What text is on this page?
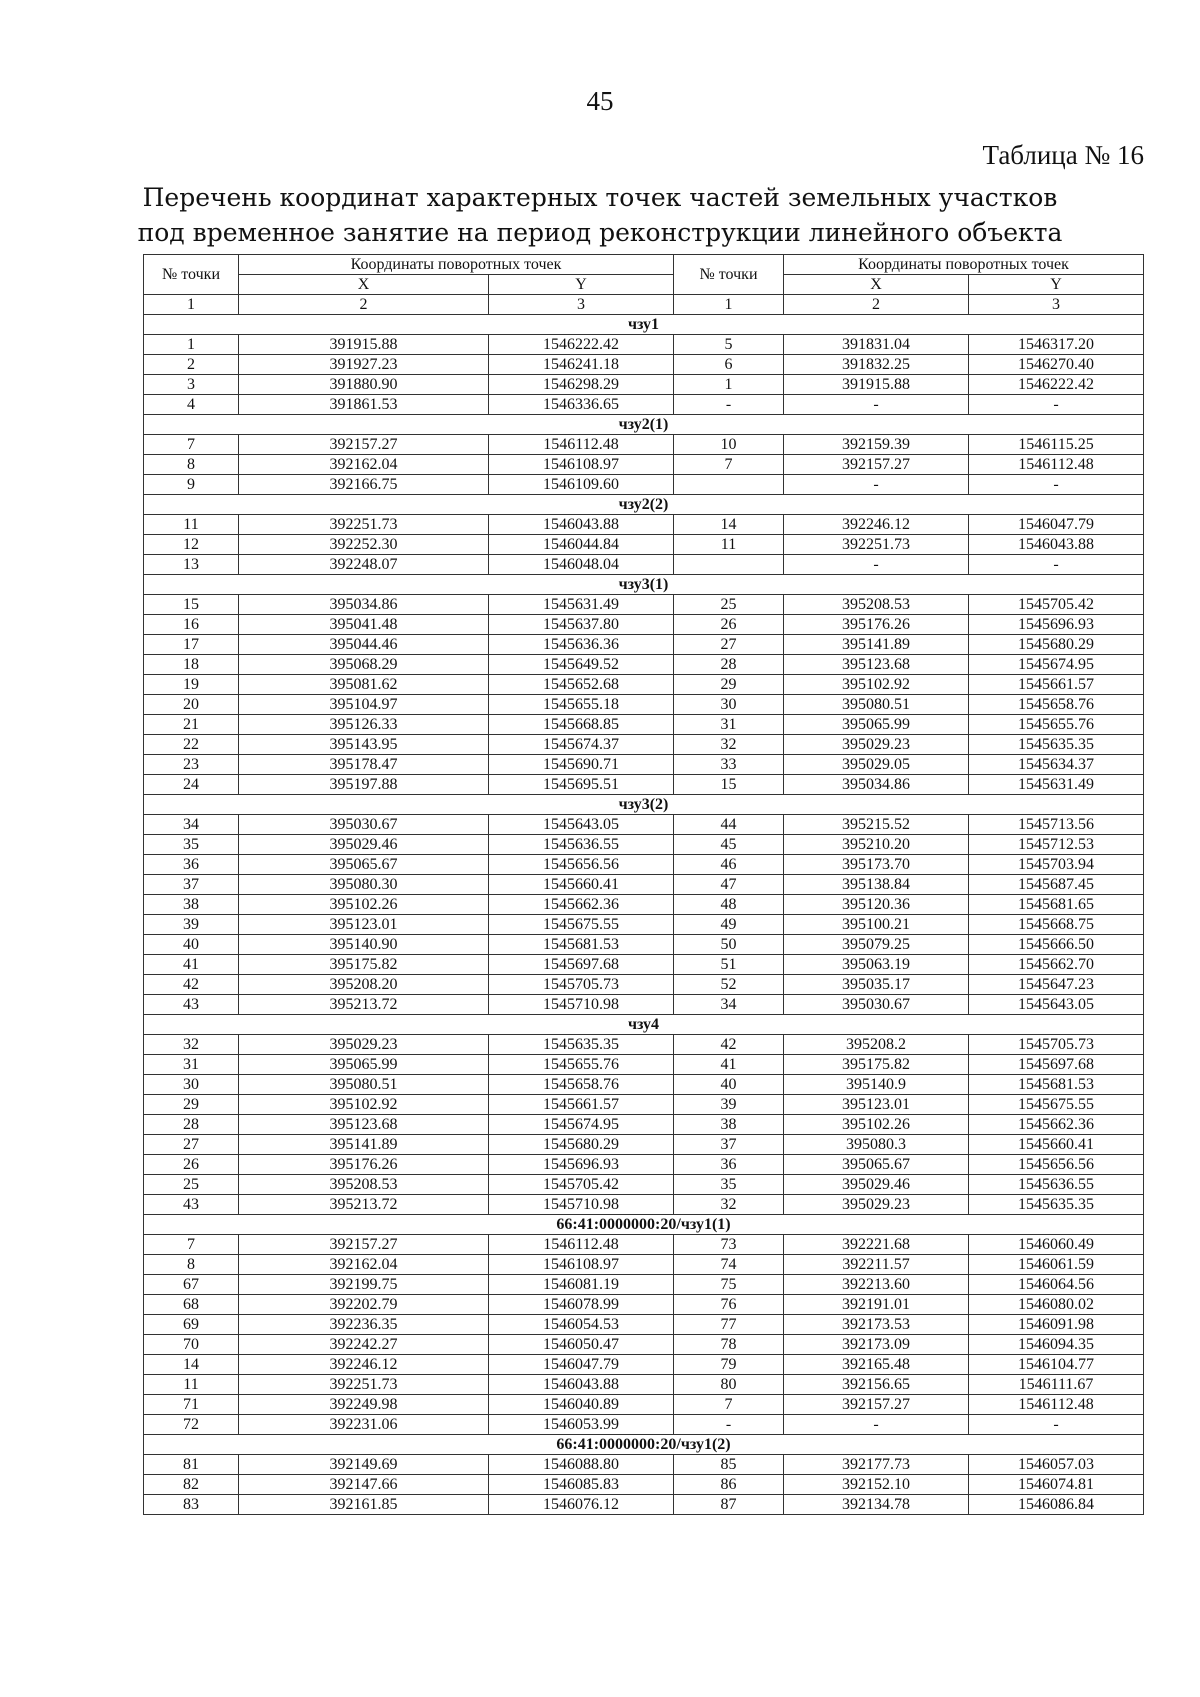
45
Таблица № 16
Перечень координат характерных точек частей земельных участков
под временное занятие на период реконструкции линейного объекта
№ точки	Координаты поворотных точек		№ точки	Координаты поворотных точек	
	X	Y		X	Y
1	2	3	1	2	3
чзу1					
1	391915.88	1546222.42	5	391831.04	1546317.20
2	391927.23	1546241.18	6	391832.25	1546270.40
3	391880.90	1546298.29	1	391915.88	1546222.42
4	391861.53	1546336.65	-	-	-
чзу2(1)					
7	392157.27	1546112.48	10	392159.39	1546115.25
8	392162.04	1546108.97	7	392157.27	1546112.48
9	392166.75	1546109.60		-	-
чзу2(2)					
11	392251.73	1546043.88	14	392246.12	1546047.79
12	392252.30	1546044.84	11	392251.73	1546043.88
13	392248.07	1546048.04		-	-
чзу3(1)					
15	395034.86	1545631.49	25	395208.53	1545705.42
16	395041.48	1545637.80	26	395176.26	1545696.93
17	395044.46	1545636.36	27	395141.89	1545680.29
18	395068.29	1545649.52	28	395123.68	1545674.95
19	395081.62	1545652.68	29	395102.92	1545661.57
20	395104.97	1545655.18	30	395080.51	1545658.76
21	395126.33	1545668.85	31	395065.99	1545655.76
22	395143.95	1545674.37	32	395029.23	1545635.35
23	395178.47	1545690.71	33	395029.05	1545634.37
24	395197.88	1545695.51	15	395034.86	1545631.49
чзу3(2)					
34	395030.67	1545643.05	44	395215.52	1545713.56
35	395029.46	1545636.55	45	395210.20	1545712.53
36	395065.67	1545656.56	46	395173.70	1545703.94
37	395080.30	1545660.41	47	395138.84	1545687.45
38	395102.26	1545662.36	48	395120.36	1545681.65
39	395123.01	1545675.55	49	395100.21	1545668.75
40	395140.90	1545681.53	50	395079.25	1545666.50
41	395175.82	1545697.68	51	395063.19	1545662.70
42	395208.20	1545705.73	52	395035.17	1545647.23
43	395213.72	1545710.98	34	395030.67	1545643.05
чзу4					
32	395029.23	1545635.35	42	395208.2	1545705.73
31	395065.99	1545655.76	41	395175.82	1545697.68
30	395080.51	1545658.76	40	395140.9	1545681.53
29	395102.92	1545661.57	39	395123.01	1545675.55
28	395123.68	1545674.95	38	395102.26	1545662.36
27	395141.89	1545680.29	37	395080.3	1545660.41
26	395176.26	1545696.93	36	395065.67	1545656.56
25	395208.53	1545705.42	35	395029.46	1545636.55
43	395213.72	1545710.98	32	395029.23	1545635.35
66:41:0000000:20/чзу1(1)					
7	392157.27	1546112.48	73	392221.68	1546060.49
8	392162.04	1546108.97	74	392211.57	1546061.59
67	392199.75	1546081.19	75	392213.60	1546064.56
68	392202.79	1546078.99	76	392191.01	1546080.02
69	392236.35	1546054.53	77	392173.53	1546091.98
70	392242.27	1546050.47	78	392173.09	1546094.35
14	392246.12	1546047.79	79	392165.48	1546104.77
11	392251.73	1546043.88	80	392156.65	1546111.67
71	392249.98	1546040.89	7	392157.27	1546112.48
72	392231.06	1546053.99	-	-	-
66:41:0000000:20/чзу1(2)					
81	392149.69	1546088.80	85	392177.73	1546057.03
82	392147.66	1546085.83	86	392152.10	1546074.81
83	392161.85	1546076.12	87	392134.78	1546086.84
